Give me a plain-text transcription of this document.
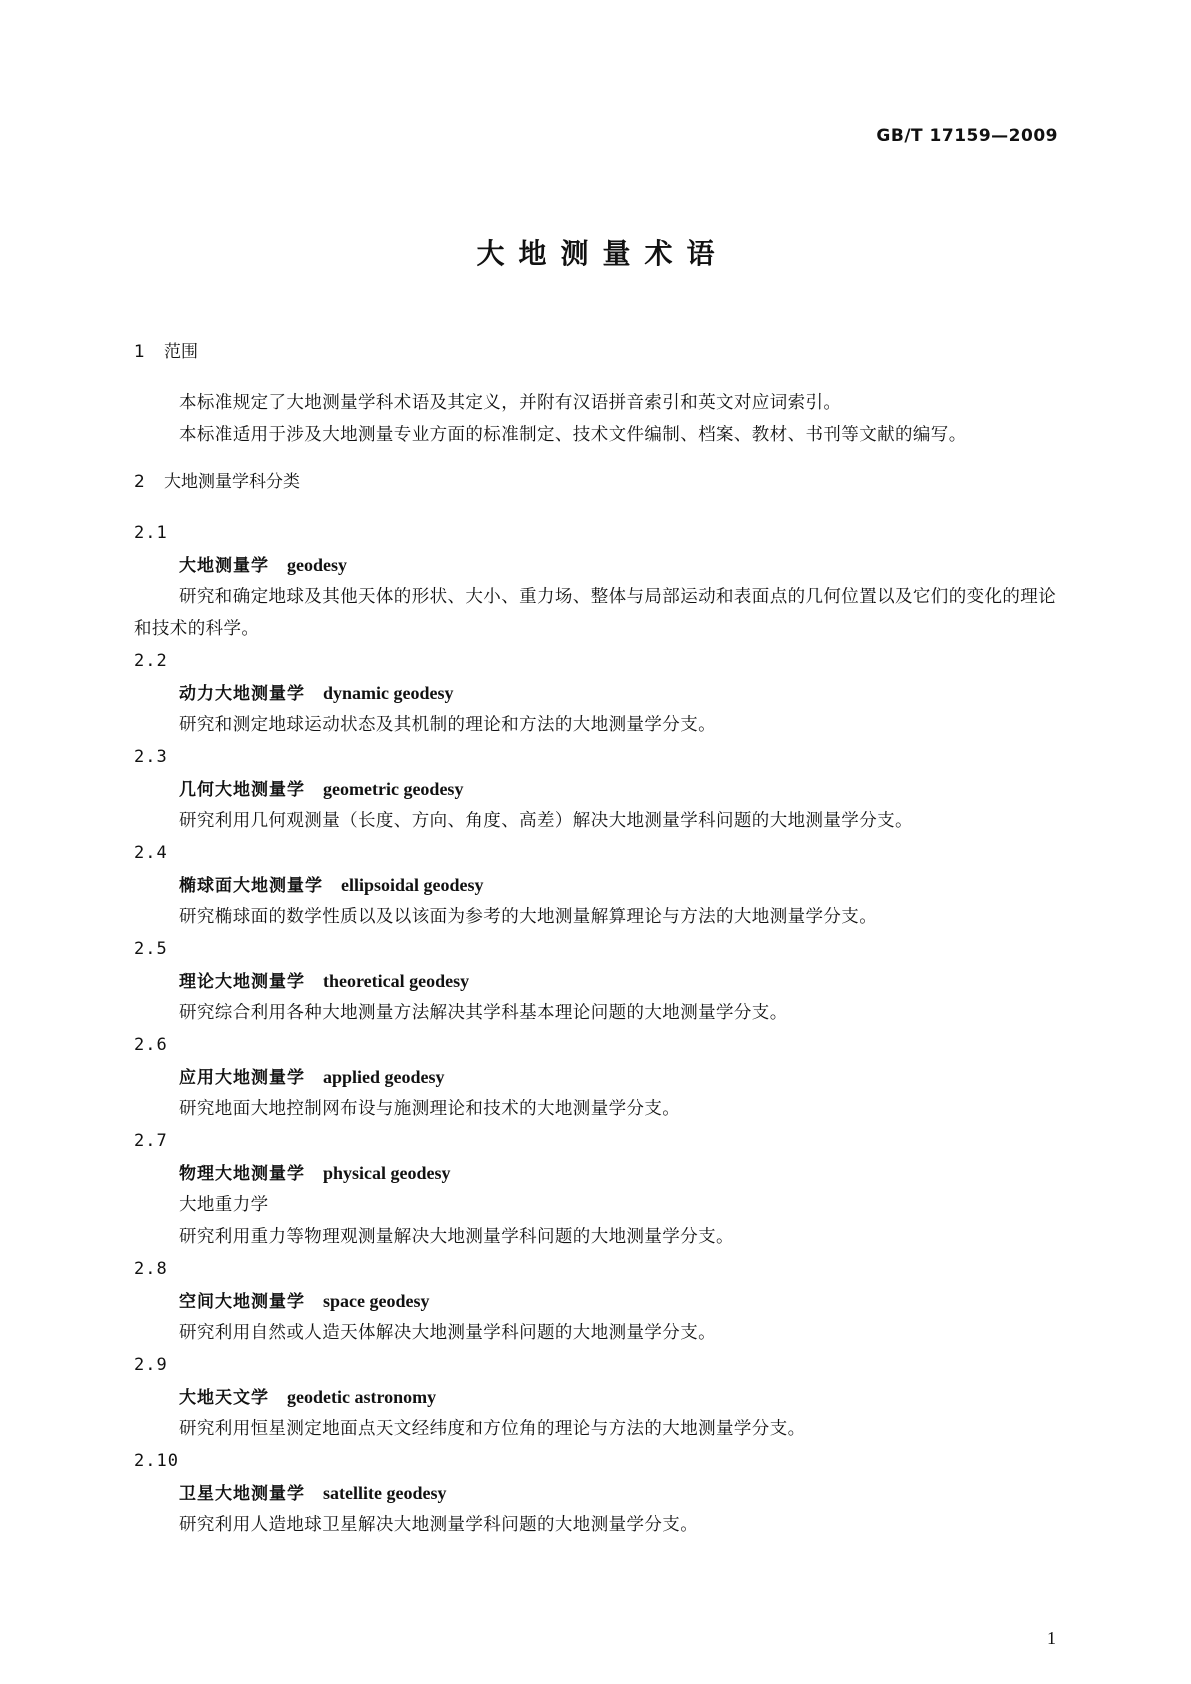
GB/T 17159—2009
大地测量术语
1 范围
本标准规定了大地测量学科术语及其定义，并附有汉语拼音索引和英文对应词索引。
本标准适用于涉及大地测量专业方面的标准制定、技术文件编制、档案、教材、书刊等文献的编写。
2 大地测量学科分类
2.1
大地测量学 geodesy
研究和确定地球及其他天体的形状、大小、重力场、整体与局部运动和表面点的几何位置以及它们的变化的理论和技术的科学。
2.2
动力大地测量学 dynamic geodesy
研究和测定地球运动状态及其机制的理论和方法的大地测量学分支。
2.3
几何大地测量学 geometric geodesy
研究利用几何观测量（长度、方向、角度、高差）解决大地测量学科问题的大地测量学分支。
2.4
椭球面大地测量学 ellipsoidal geodesy
研究椭球面的数学性质以及以该面为参考的大地测量解算理论与方法的大地测量学分支。
2.5
理论大地测量学 theoretical geodesy
研究综合利用各种大地测量方法解决其学科基本理论问题的大地测量学分支。
2.6
应用大地测量学 applied geodesy
研究地面大地控制网布设与施测理论和技术的大地测量学分支。
2.7
物理大地测量学 physical geodesy
大地重力学
研究利用重力等物理观测量解决大地测量学科问题的大地测量学分支。
2.8
空间大地测量学 space geodesy
研究利用自然或人造天体解决大地测量学科问题的大地测量学分支。
2.9
大地天文学 geodetic astronomy
研究利用恒星测定地面点天文经纬度和方位角的理论与方法的大地测量学分支。
2.10
卫星大地测量学 satellite geodesy
研究利用人造地球卫星解决大地测量学科问题的大地测量学分支。
1
